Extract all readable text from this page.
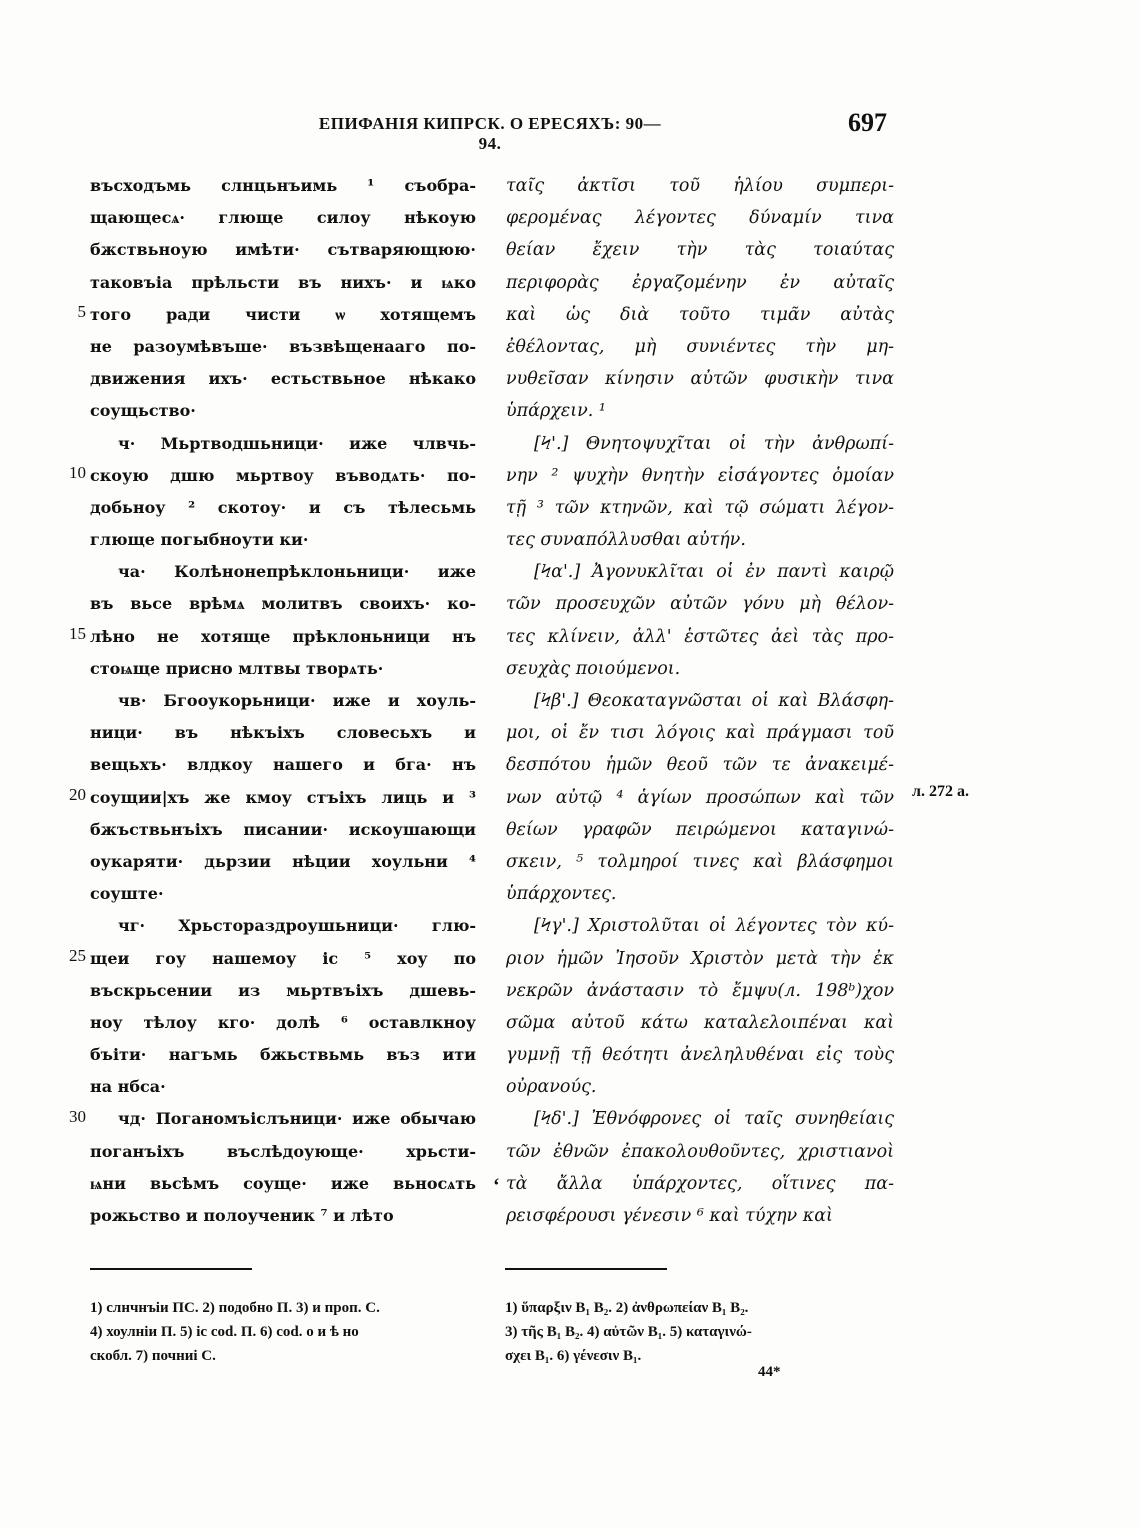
ЕПИФАНІЯ КИПРСК. О ЕРЕСЯХЪ: 90—94.
697
въсходъмь слнцьнъимь ¹ съобра-
щающесѧ· глюще силоу нѣкоую
бжствьноую имѣти· сътваряющюю·
таковъіа прѣльсти въ нихъ· и ѩко
того ради чисти ѡ хотящемъ
не разоумѣвъше· възвѣщенааго по-
движения ихъ· естьствьное нѣкако
соущьство·
ч· Мьртводшьници· иже члвчь-
скоую дшю мьртвоу въводѧть· по-
добьноу ² скотоу· и съ тѣлесьмь
глюще погыбноути ки·
ча· Колѣнонепрѣклоньници· иже
въ вьсе врѣмѧ молитвъ своихъ· ко-
лѣно не хотяще прѣклоньници нъ
стоѩще присно млтвы творѧть·
чв· Бгооукорьници· иже и хоуль-
ници· въ нѣкъіхъ словесьхъ и
вещьхъ· влдкоу нашего и бга· нъ
соущии|хъ же кмоу стъіхъ лиць и ³
бжъствьнъіхъ писании· искоушающи
оукаряти· дьрзии нѣции хоульни ⁴
соуште·
чг· Хрьстораздроушьници· глю-
щеи гоу нашемоу іс ⁵ хоу по
въскрьсении из мьртвъіхъ дшевь-
ноу тѣлоу кго· долѣ ⁶ оставлкноу
бъіти· нагъмь бжьствьмь въз ити
на нбса·
чд· Поганомъіслъници· иже обычаю
поганъіхъ въслѣдоующе· хрьсти-
ѩни вьсѣмъ соуще· иже вьносѧть
рожьство и полоученик ⁷ и лѣто
ταῖς ἀκτῖσι τοῦ ἡλίου συμπερι-
φερομένας λέγοντες δύναμίν τινα
θείαν ἔχειν τὴν τὰς τοιαύτας
περιφορὰς ἐργαζομένην ἐν αὐταῖς
καὶ ὡς διὰ τοῦτο τιμᾶν αὐτὰς
ἐθέλοντας, μὴ συνιέντες τὴν μη-
νυθεῖσαν κίνησιν αὐτῶν φυσικὴν τινα
ὑπάρχειν. ¹
[Ϟ'.] Θνητοψυχῖται οἱ τὴν ἀνθρωπί-
νην ² ψυχὴν θνητὴν εἰσάγοντες ὁμοίαν
τῇ ³ τῶν κτηνῶν, καὶ τῷ σώματι λέγον-
τες συναπόλλυσθαι αὐτήν.
[Ϟα'.] Ἀγονυκλῖται οἱ ἐν παντὶ καιρῷ
τῶν προσευχῶν αὐτῶν γόνυ μὴ θέλον-
τες κλίνειν, ἀλλ' ἑστῶτες ἀεὶ τὰς προ-
σευχὰς ποιούμενοι.
[Ϟβ'.] Θεοκαταγνῶσται οἱ καὶ Βλάσφη-
μοι, οἱ ἔν τισι λόγοις καὶ πράγμασι τοῦ
δεσπότου ἡμῶν θεοῦ τῶν τε ἀνακειμέ-
νων αὐτῷ ⁴ ἁγίων προσώπων καὶ τῶν
θείων γραφῶν πειρώμενοι καταγινώ-
σκειν, ⁵ τολμηροί τινες καὶ βλάσφημοι
ὑπάρχοντες.
[Ϟγ'.] Χριστολῦται οἱ λέγοντες τὸν κύ-
ριον ἡμῶν Ἰησοῦν Χριστὸν μετὰ τὴν ἐκ
νεκρῶν ἀνάστασιν τὸ ἔμψυ(л. 198ᵇ)χον
σῶμα αὐτοῦ κάτω καταλελοιπέναι καὶ
γυμνῇ τῇ θεότητι ἀνεληλυθέναι εἰς τοὺς
οὐρανούς.
[Ϟδ'.] Ἐθνόφρονες οἱ ταῖς συνηθείαις
τῶν ἐθνῶν ἐπακολουθοῦντες, χριστιανοὶ
τὰ ἄλλα ὑπάρχοντες, οἵτινες πα-
ρεισφέρουσι γένεσιν ⁶ καὶ τύχην καὶ
5
10
15
20
25
30
л. 272 а.
‘
1) слнчнъіи ПС. 2) подобно П. 3) и проп. С.
4) хоулніи П. 5) іс cod. П. 6) cod. о и ѣ но
скобл. 7) почниі С.
1) ὕπαρξιν B₁ B₂. 2) ἀνθρωπείαν B₁ B₂.
3) τῆς B₁ B₂. 4) αὐτῶν B₁. 5) καταγινώ-
σχει B₁. 6) γένεσιν B₁.
44*
